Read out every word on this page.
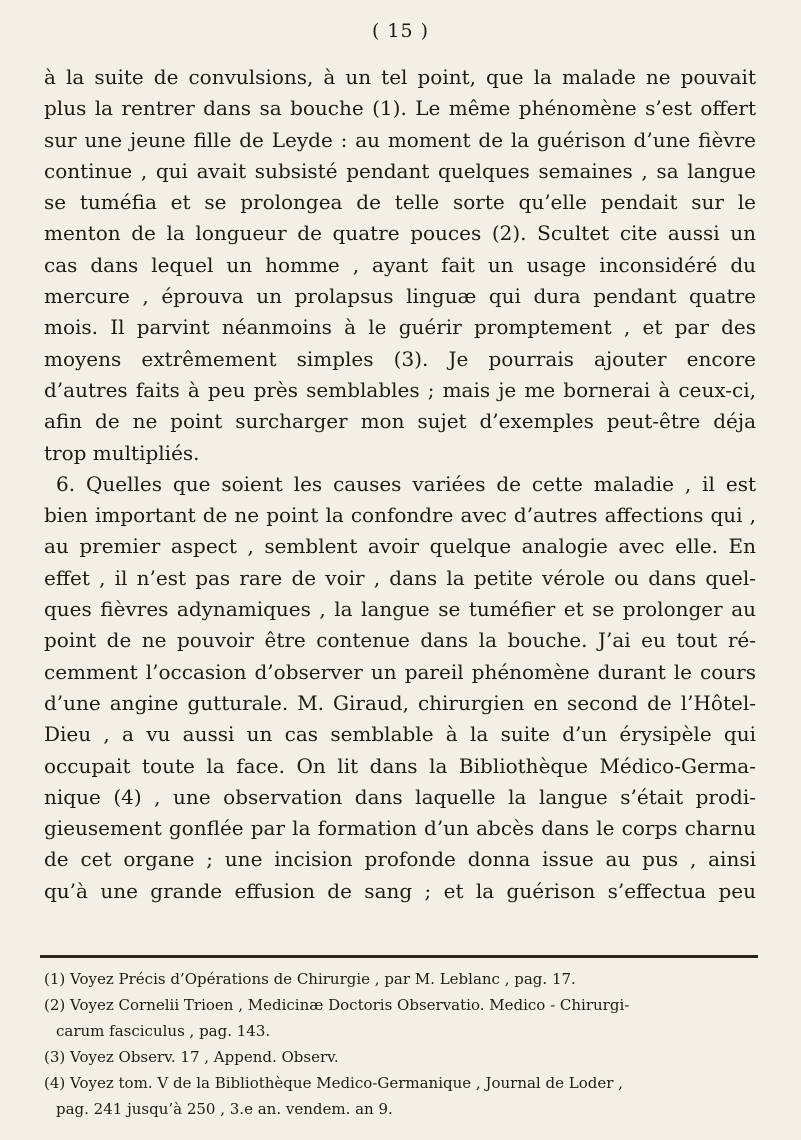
( 15 )
à la suite de convulsions, à un tel point, que la malade ne pouvait
plus la rentrer dans sa bouche (1). Le même phénomène s’est offert
sur une jeune fille de Leyde : au moment de la guérison d’une fièvre
continue , qui avait subsisté pendant quelques semaines , sa langue
se tuméfia et se prolongea de telle sorte qu’elle pendait sur le
menton de la longueur de quatre pouces (2). Scultet cite aussi un
cas dans lequel un homme , ayant fait un usage inconsidéré du
mercure , éprouva un prolapsus linguæ qui dura pendant quatre
mois. Il parvint néanmoins à le guérir promptement , et par des
moyens extrêmement simples (3). Je pourrais ajouter encore
d’autres faits à peu près semblables ; mais je me bornerai à ceux-ci,
afin de ne point surcharger mon sujet d’exemples peut-être déja
trop multipliés.
6. Quelles que soient les causes variées de cette maladie , il est
bien important de ne point la confondre avec d’autres affections qui ,
au premier aspect , semblent avoir quelque analogie avec elle. En
effet , il n’est pas rare de voir , dans la petite vérole ou dans quel-
ques fièvres adynamiques , la langue se tuméfier et se prolonger au
point de ne pouvoir être contenue dans la bouche. J’ai eu tout ré-
cemment l’occasion d’observer un pareil phénomène durant le cours
d’une angine gutturale. M. Giraud, chirurgien en second de l’Hôtel-
Dieu , a vu aussi un cas semblable à la suite d’un érysipèle qui
occupait toute la face. On lit dans la Bibliothèque Médico-Germa-
nique (4) , une observation dans laquelle la langue s’était prodi-
gieusement gonflée par la formation d’un abcès dans le corps charnu
de cet organe ; une incision profonde donna issue au pus , ainsi
qu’à une grande effusion de sang ; et la guérison s’effectua peu
(1) Voyez Précis d’Opérations de Chirurgie , par M. Leblanc , pag. 17.
(2) Voyez Cornelii Trioen , Medicinæ Doctoris Observatio. Medico - Chirurgi-
carum fasciculus , pag. 143.
(3) Voyez Observ. 17 , Append. Observ.
(4) Voyez tom. V de la Bibliothèque Medico-Germanique , Journal de Loder ,
pag. 241 jusqu’à 250 , 3.e an. vendem. an 9.
